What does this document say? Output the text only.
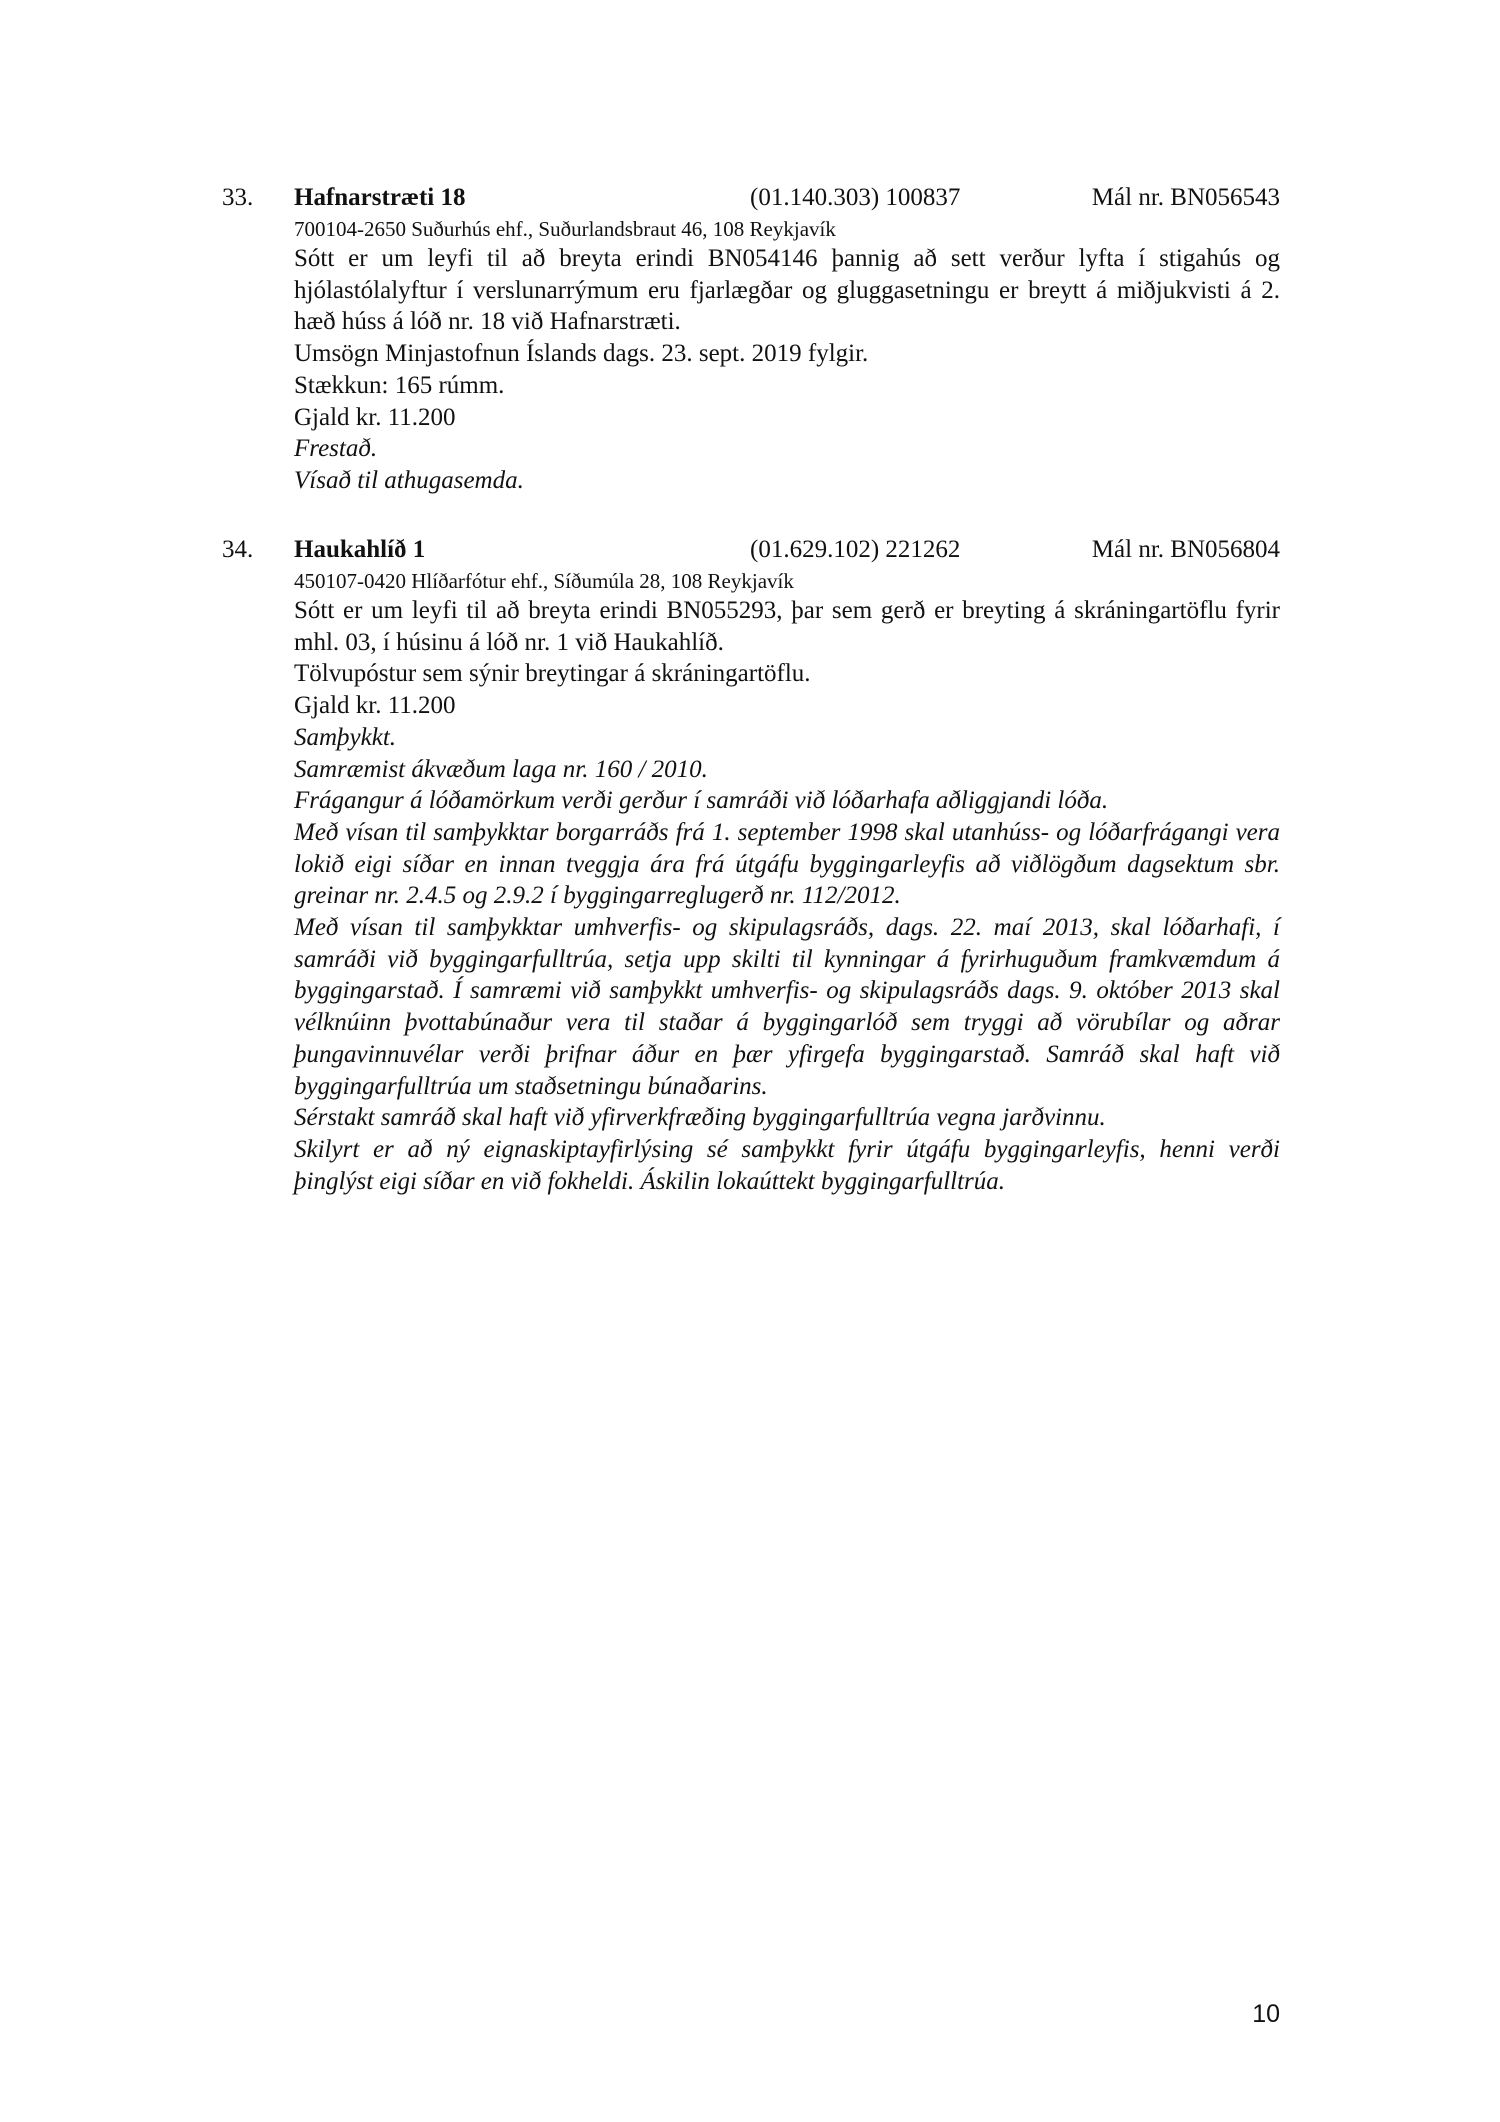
33. Hafnarstræti 18	(01.140.303) 100837	Mál nr. BN056543
700104-2650 Suðurhús ehf., Suðurlandsbraut 46, 108 Reykjavík
Sótt er um leyfi til að breyta erindi BN054146 þannig að sett verður lyfta í stigahús og hjólastólalyftur í verslunarrýmum eru fjarlægðar og gluggasetningu er breytt á miðjukvisti á 2. hæð húss á lóð nr. 18 við Hafnarstræti.
Umsögn Minjastofnun Íslands dags. 23. sept. 2019 fylgir.
Stækkun: 165 rúmm.
Gjald kr. 11.200
Frestað.
Vísað til athugasemda.
34. Haukahlíð 1	(01.629.102) 221262	Mál nr. BN056804
450107-0420 Hlíðarfótur ehf., Síðumúla 28, 108 Reykjavík
Sótt er um leyfi til að breyta erindi BN055293, þar sem gerð er breyting á skráningartöflu fyrir mhl. 03, í húsinu á lóð nr. 1 við Haukahlíð.
Tölvupóstur sem sýnir breytingar á skráningartöflu.
Gjald kr. 11.200
Samþykkt.
Samræmist ákvæðum laga nr. 160 / 2010.
Frágangur á lóðamörkum verði gerður í samráði við lóðarhafa aðliggjandi lóða.
Með vísan til samþykktar borgarráðs frá 1. september 1998 skal utanhúss- og lóðarfrágangi vera lokið eigi síðar en innan tveggja ára frá útgáfu byggingarleyfis að viðlögðum dagsektum sbr. greinar nr. 2.4.5 og 2.9.2 í byggingarreglugerð nr. 112/2012.
Með vísan til samþykktar umhverfis- og skipulagsráðs, dags. 22. maí 2013, skal lóðarhafi, í samráði við byggingarfulltrúa, setja upp skilti til kynningar á fyrirhuguðum framkvæmdum á byggingarstað. Í samræmi við samþykkt umhverfis- og skipulagsráðs dags. 9. október 2013 skal vélknúinn þvottabúnaður vera til staðar á byggingarlóð sem tryggi að vörubílar og aðrar þungavinnuvélar verði þrifnar áður en þær yfirgefa byggingarstað. Samráð skal haft við byggingarfulltrúa um staðsetningu búnaðarins.
Sérstakt samráð skal haft við yfirverkfræðing byggingarfulltrúa vegna jarðvinnu.
Skilyrt er að ný eignaskiptayfirlýsing sé samþykkt fyrir útgáfu byggingarleyfis, henni verði þinglýst eigi síðar en við fokheldi. Áskilin lokaúttekt byggingarfulltrúa.
10
